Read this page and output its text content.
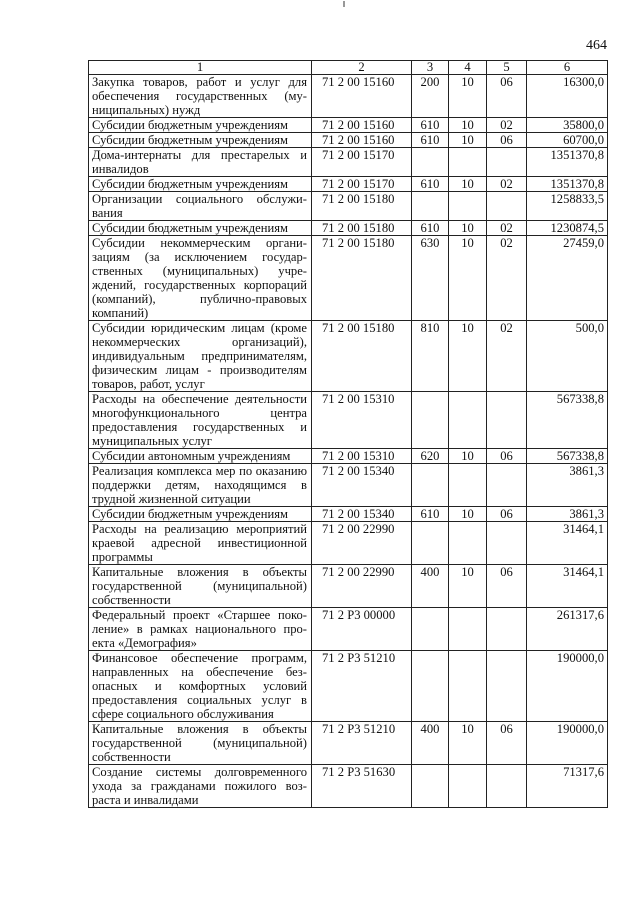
464
1	2	3	4	5	6
Закупка товаров, работ и услуг для обеспечения государственных (муниципальных) нужд	71 2 00 15160	200	10	06	16300,0
Субсидии бюджетным учреждениям	71 2 00 15160	610	10	02	35800,0
Субсидии бюджетным учреждениям	71 2 00 15160	610	10	06	60700,0
Дома-интернаты для престарелых и инвалидов	71 2 00 15170				1351370,8
Субсидии бюджетным учреждениям	71 2 00 15170	610	10	02	1351370,8
Организации социального обслуживания	71 2 00 15180				1258833,5
Субсидии бюджетным учреждениям	71 2 00 15180	610	10	02	1230874,5
Субсидии некоммерческим организациям (за исключением государственных (муниципальных) учреждений, государственных корпораций (компаний), публично-правовых компаний)	71 2 00 15180	630	10	02	27459,0
Субсидии юридическим лицам (кроме некоммерческих организаций), индивидуальным предпринимателям, физическим лицам - производителям товаров, работ, услуг	71 2 00 15180	810	10	02	500,0
Расходы на обеспечение деятельности многофункционального центра предоставления государственных и муниципальных услуг	71 2 00 15310				567338,8
Субсидии автономным учреждениям	71 2 00 15310	620	10	06	567338,8
Реализация комплекса мер по оказанию поддержки детям, находящимся в трудной жизненной ситуации	71 2 00 15340				3861,3
Субсидии бюджетным учреждениям	71 2 00 15340	610	10	06	3861,3
Расходы на реализацию мероприятий краевой адресной инвестиционной программы	71 2 00 22990				31464,1
Капитальные вложения в объекты государственной (муниципальной) собственности	71 2 00 22990	400	10	06	31464,1
Федеральный проект «Старшее поколение» в рамках национального проекта «Демография»	71 2 Р3 00000				261317,6
Финансовое обеспечение программ, направленных на обеспечение безопасных и комфортных условий предоставления социальных услуг в сфере социального обслуживания	71 2 Р3 51210				190000,0
Капитальные вложения в объекты государственной (муниципальной) собственности	71 2 Р3 51210	400	10	06	190000,0
Создание системы долговременного ухода за гражданами пожилого возраста и инвалидами	71 2 Р3 51630				71317,6
